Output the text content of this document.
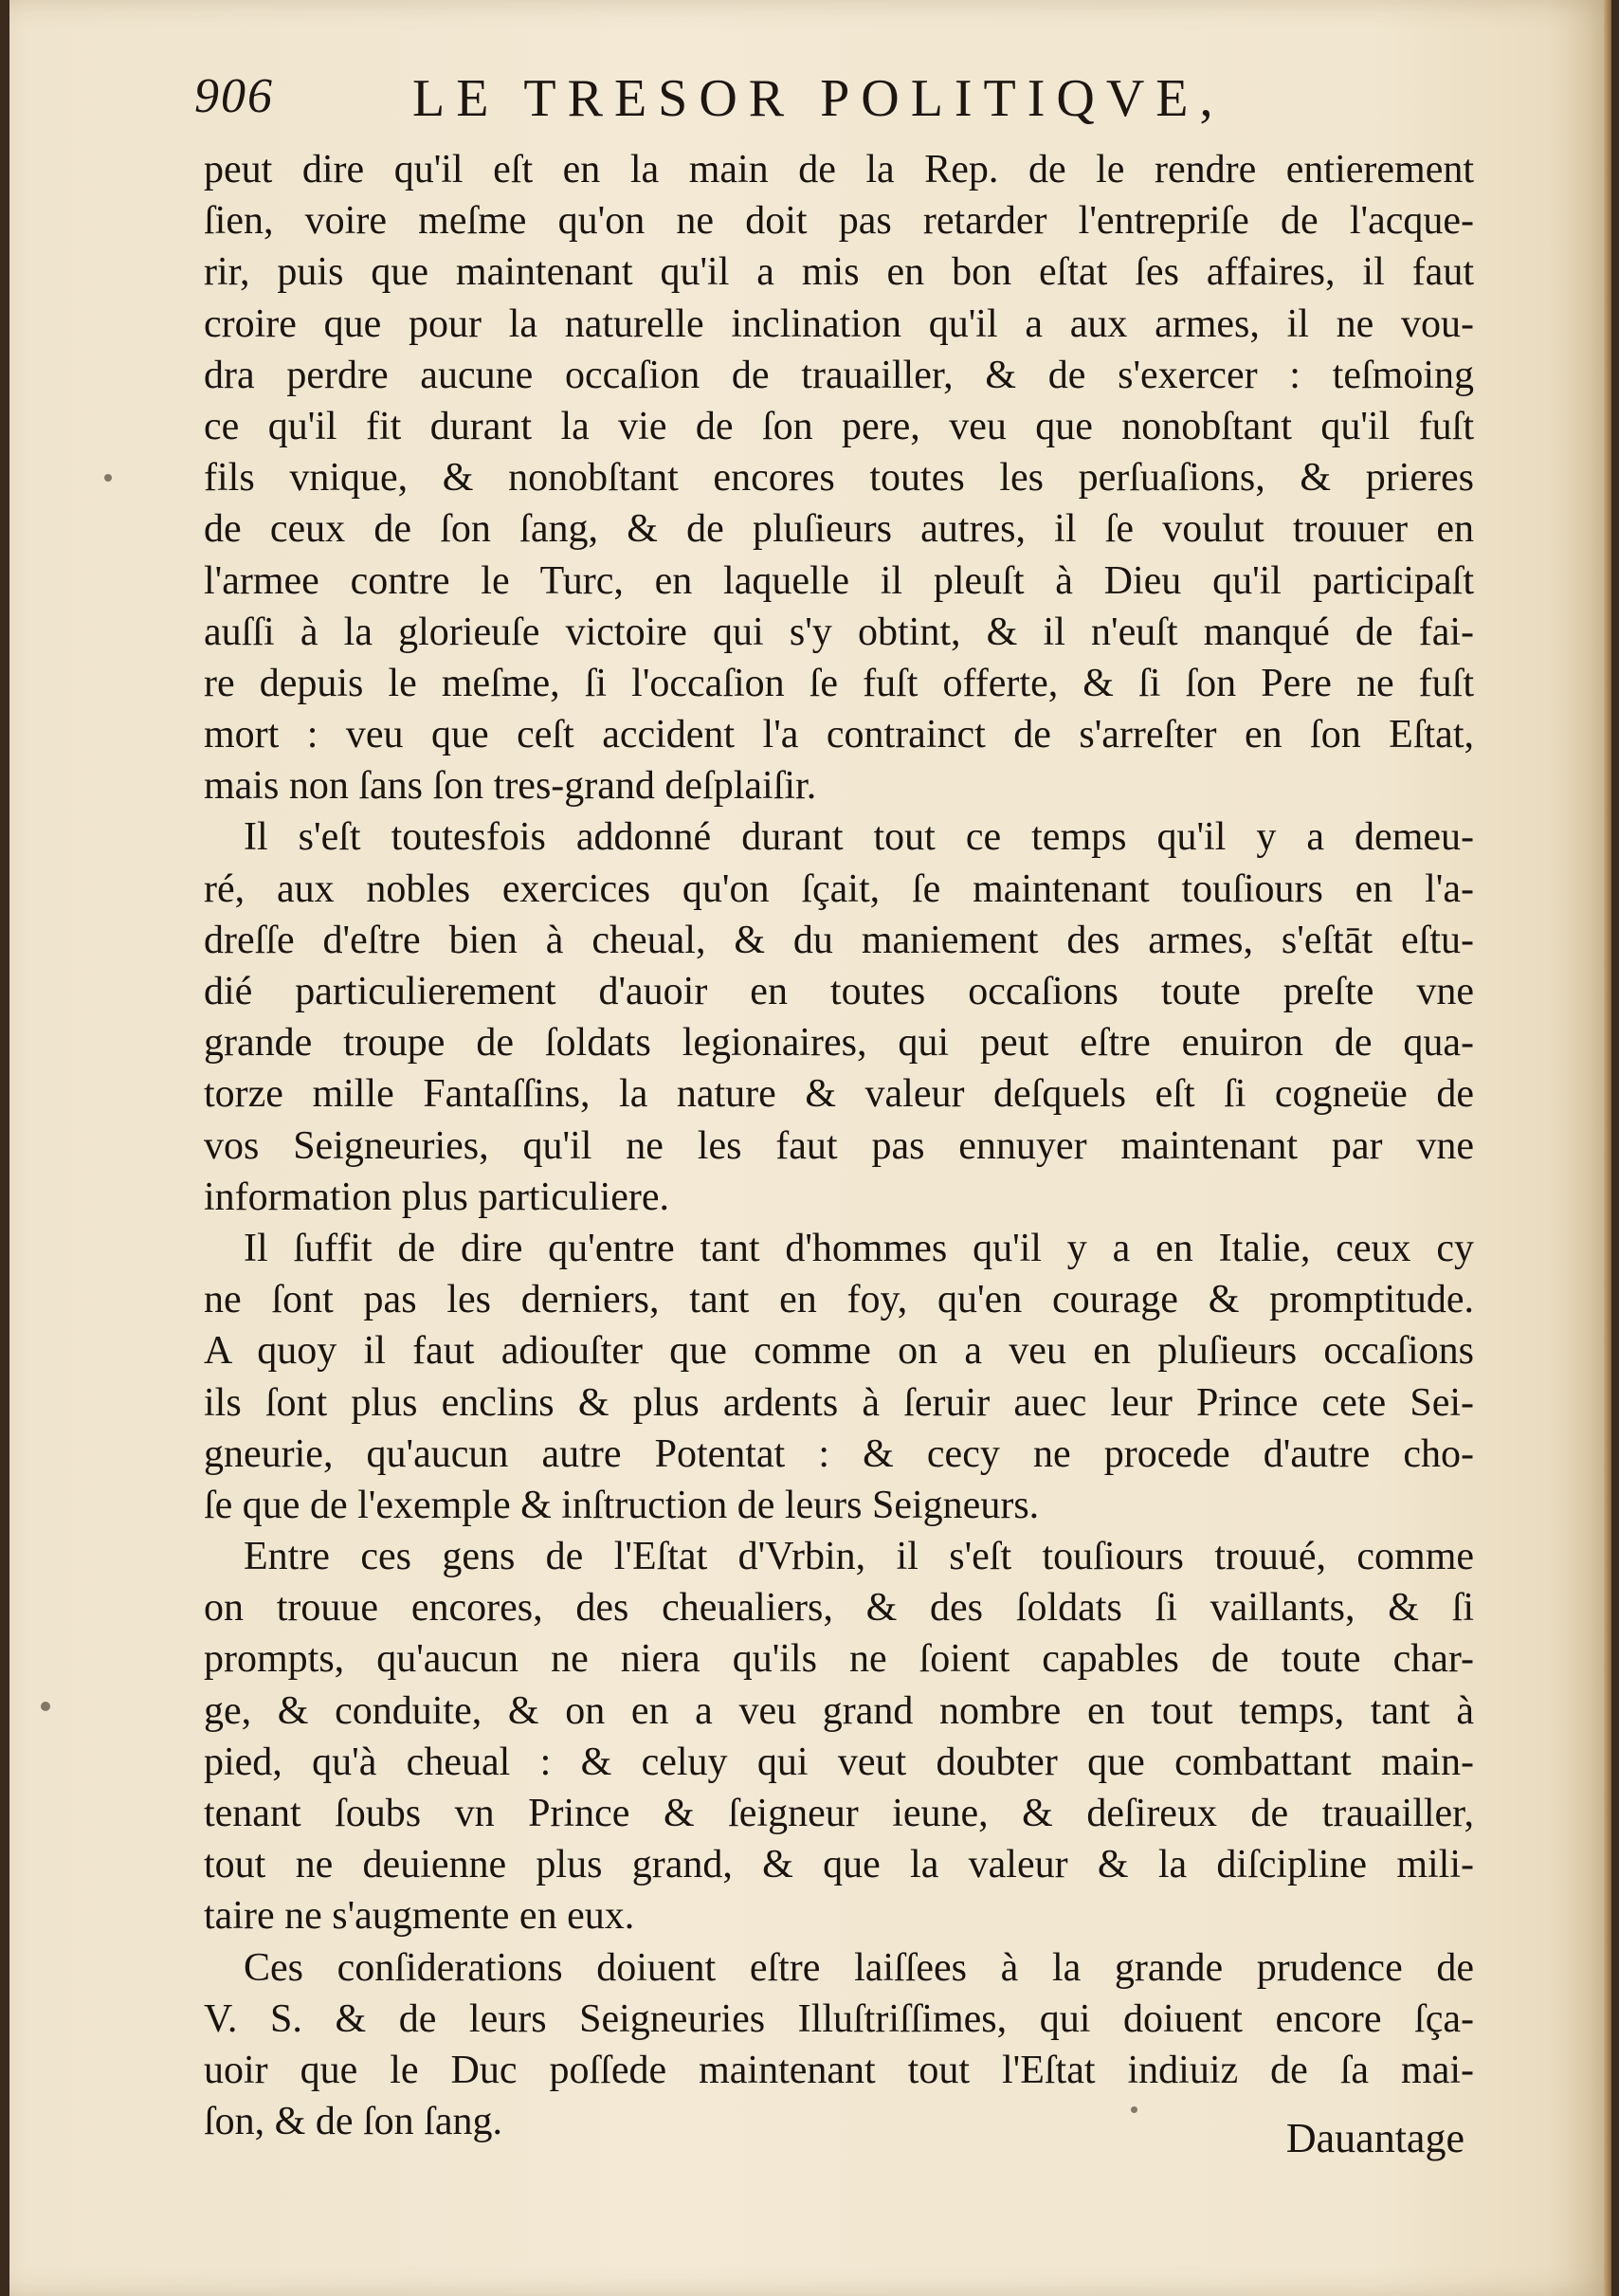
906	LE TRESOR POLITIQVE,
peut dire qu'il eſt en la main de la Rep. de le rendre entierement
ſien, voire meſme qu'on ne doit pas retarder l'entrepriſe de l'acque-
rir, puis que maintenant qu'il a mis en bon eſtat ſes affaires, il faut
croire que pour la naturelle inclination qu'il a aux armes, il ne vou-
dra perdre aucune occaſion de trauailler, & de s'exercer : teſmoing
ce qu'il fit durant la vie de ſon pere, veu que nonobſtant qu'il fuſt
fils vnique, & nonobſtant encores toutes les perſuaſions, & prieres
de ceux de ſon ſang, & de pluſieurs autres, il ſe voulut trouuer en
l'armee contre le Turc, en laquelle il pleuſt à Dieu qu'il participaſt
auſſi à la glorieuſe victoire qui s'y obtint, & il n'euſt manqué de fai-
re depuis le meſme, ſi l'occaſion ſe fuſt offerte, & ſi ſon Pere ne fuſt
mort : veu que ceſt accident l'a contrainct de s'arreſter en ſon Eſtat,
mais non ſans ſon tres-grand deſplaiſir.
Il s'eſt toutesfois addonné durant tout ce temps qu'il y a demeu-
ré, aux nobles exercices qu'on ſçait, ſe maintenant touſiours en l'a-
dreſſe d'eſtre bien à cheual, & du maniement des armes, s'eſtāt eſtu-
dié particulierement d'auoir en toutes occaſions toute preſte vne
grande troupe de ſoldats legionaires, qui peut eſtre enuiron de qua-
torze mille Fantaſſins, la nature & valeur deſquels eſt ſi cogneüe de
vos Seigneuries, qu'il ne les faut pas ennuyer maintenant par vne
information plus particuliere.
Il ſuffit de dire qu'entre tant d'hommes qu'il y a en Italie, ceux cy
ne ſont pas les derniers, tant en foy, qu'en courage & promptitude.
A quoy il faut adiouſter que comme on a veu en pluſieurs occaſions
ils ſont plus enclins & plus ardents à ſeruir auec leur Prince cete Sei-
gneurie, qu'aucun autre Potentat : & cecy ne procede d'autre cho-
ſe que de l'exemple & inſtruction de leurs Seigneurs.
Entre ces gens de l'Eſtat d'Vrbin, il s'eſt touſiours trouué, comme
on trouue encores, des cheualiers, & des ſoldats ſi vaillants, & ſi
prompts, qu'aucun ne niera qu'ils ne ſoient capables de toute char-
ge, & conduite, & on en a veu grand nombre en tout temps, tant à
pied, qu'à cheual : & celuy qui veut doubter que combattant main-
tenant ſoubs vn Prince & ſeigneur ieune, & deſireux de trauailler,
tout ne deuienne plus grand, & que la valeur & la diſcipline mili-
taire ne s'augmente en eux.
Ces conſiderations doiuent eſtre laiſſees à la grande prudence de
V. S. & de leurs Seigneuries Illuſtriſſimes, qui doiuent encore ſça-
uoir que le Duc poſſede maintenant tout l'Eſtat indiuiz de ſa mai-
ſon, & de ſon ſang.	Dauantage
